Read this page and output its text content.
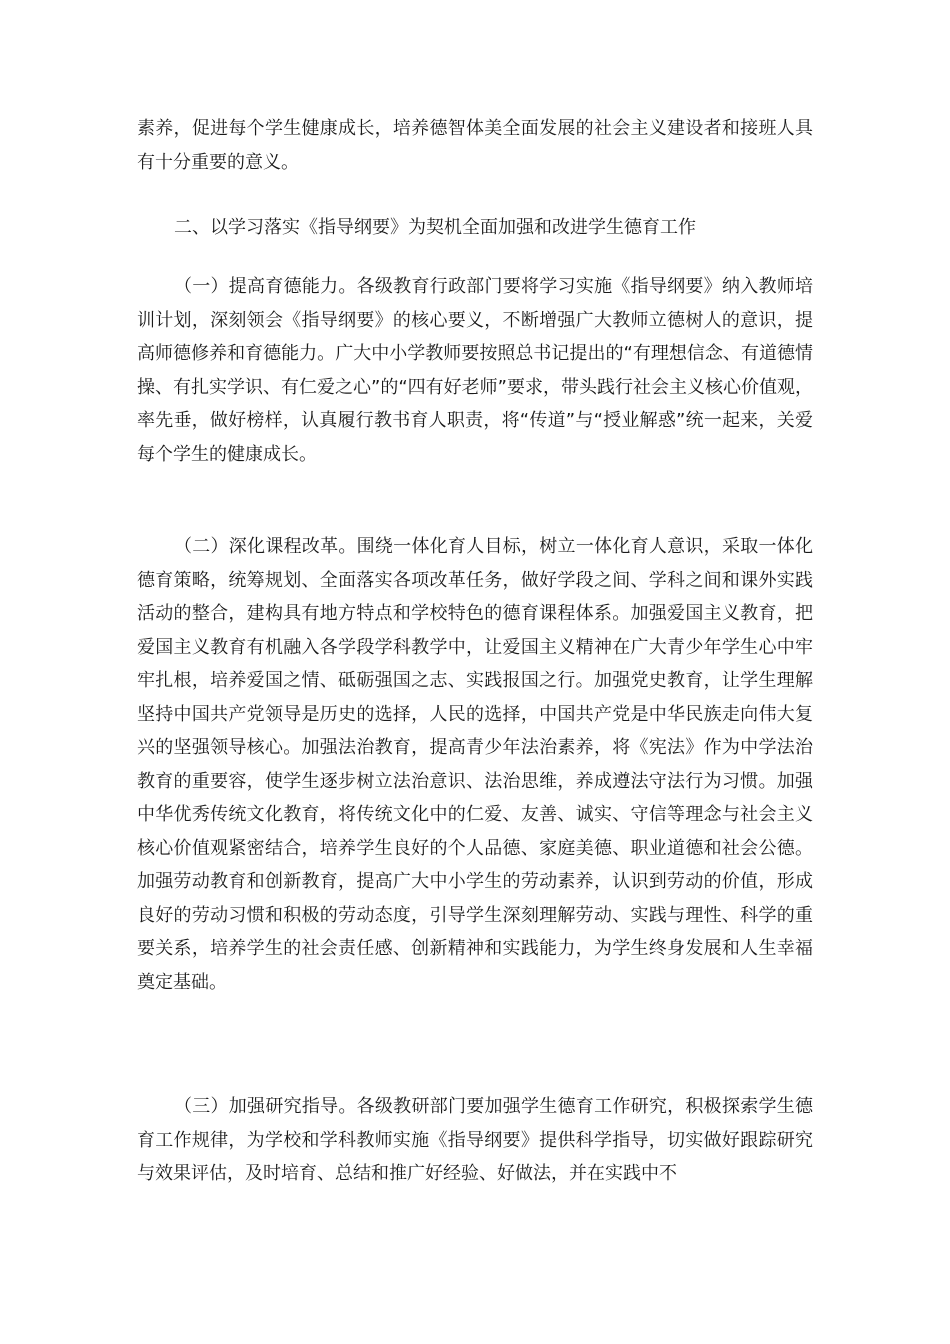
素养，促进每个学生健康成长，培养德智体美全面发展的社会主义建设者和接班人具有十分重要的意义。

二、以学习落实《指导纲要》为契机全面加强和改进学生德育工作

（一）提高育德能力。各级教育行政部门要将学习实施《指导纲要》纳入教师培训计划，深刻领会《指导纲要》的核心要义，不断增强广大教师立德树人的意识，提高师德修养和育德能力。广大中小学教师要按照总书记提出的“有理想信念、有道德情操、有扎实学识、有仁爱之心”的“四有好老师”要求，带头践行社会主义核心价值观，率先垂，做好榜样，认真履行教书育人职责，将“传道”与“授业解惑”统一起来，关爱每个学生的健康成长。

（二）深化课程改革。围绕一体化育人目标，树立一体化育人意识，采取一体化德育策略，统筹规划、全面落实各项改革任务，做好学段之间、学科之间和课外实践活动的整合，建构具有地方特点和学校特色的德育课程体系。加强爱国主义教育，把爱国主义教育有机融入各学段学科教学中，让爱国主义精神在广大青少年学生心中牢牢扎根，培养爱国之情、砥砺强国之志、实践报国之行。加强党史教育，让学生理解坚持中国共产党领导是历史的选择，人民的选择，中国共产党是中华民族走向伟大复兴的坚强领导核心。加强法治教育，提高青少年法治素养，将《宪法》作为中学法治教育的重要容，使学生逐步树立法治意识、法治思维，养成遵法守法行为习惯。加强中华优秀传统文化教育，将传统文化中的仁爱、友善、诚实、守信等理念与社会主义核心价值观紧密结合，培养学生良好的个人品德、家庭美德、职业道德和社会公德。加强劳动教育和创新教育，提高广大中小学生的劳动素养，认识到劳动的价值，形成良好的劳动习惯和积极的劳动态度，引导学生深刻理解劳动、实践与理性、科学的重要关系，培养学生的社会责任感、创新精神和实践能力，为学生终身发展和人生幸福奠定基础。

（三）加强研究指导。各级教研部门要加强学生德育工作研究，积极探索学生德育工作规律，为学校和学科教师实施《指导纲要》提供科学指导，切实做好跟踪研究与效果评估，及时培育、总结和推广好经验、好做法，并在实践中不
